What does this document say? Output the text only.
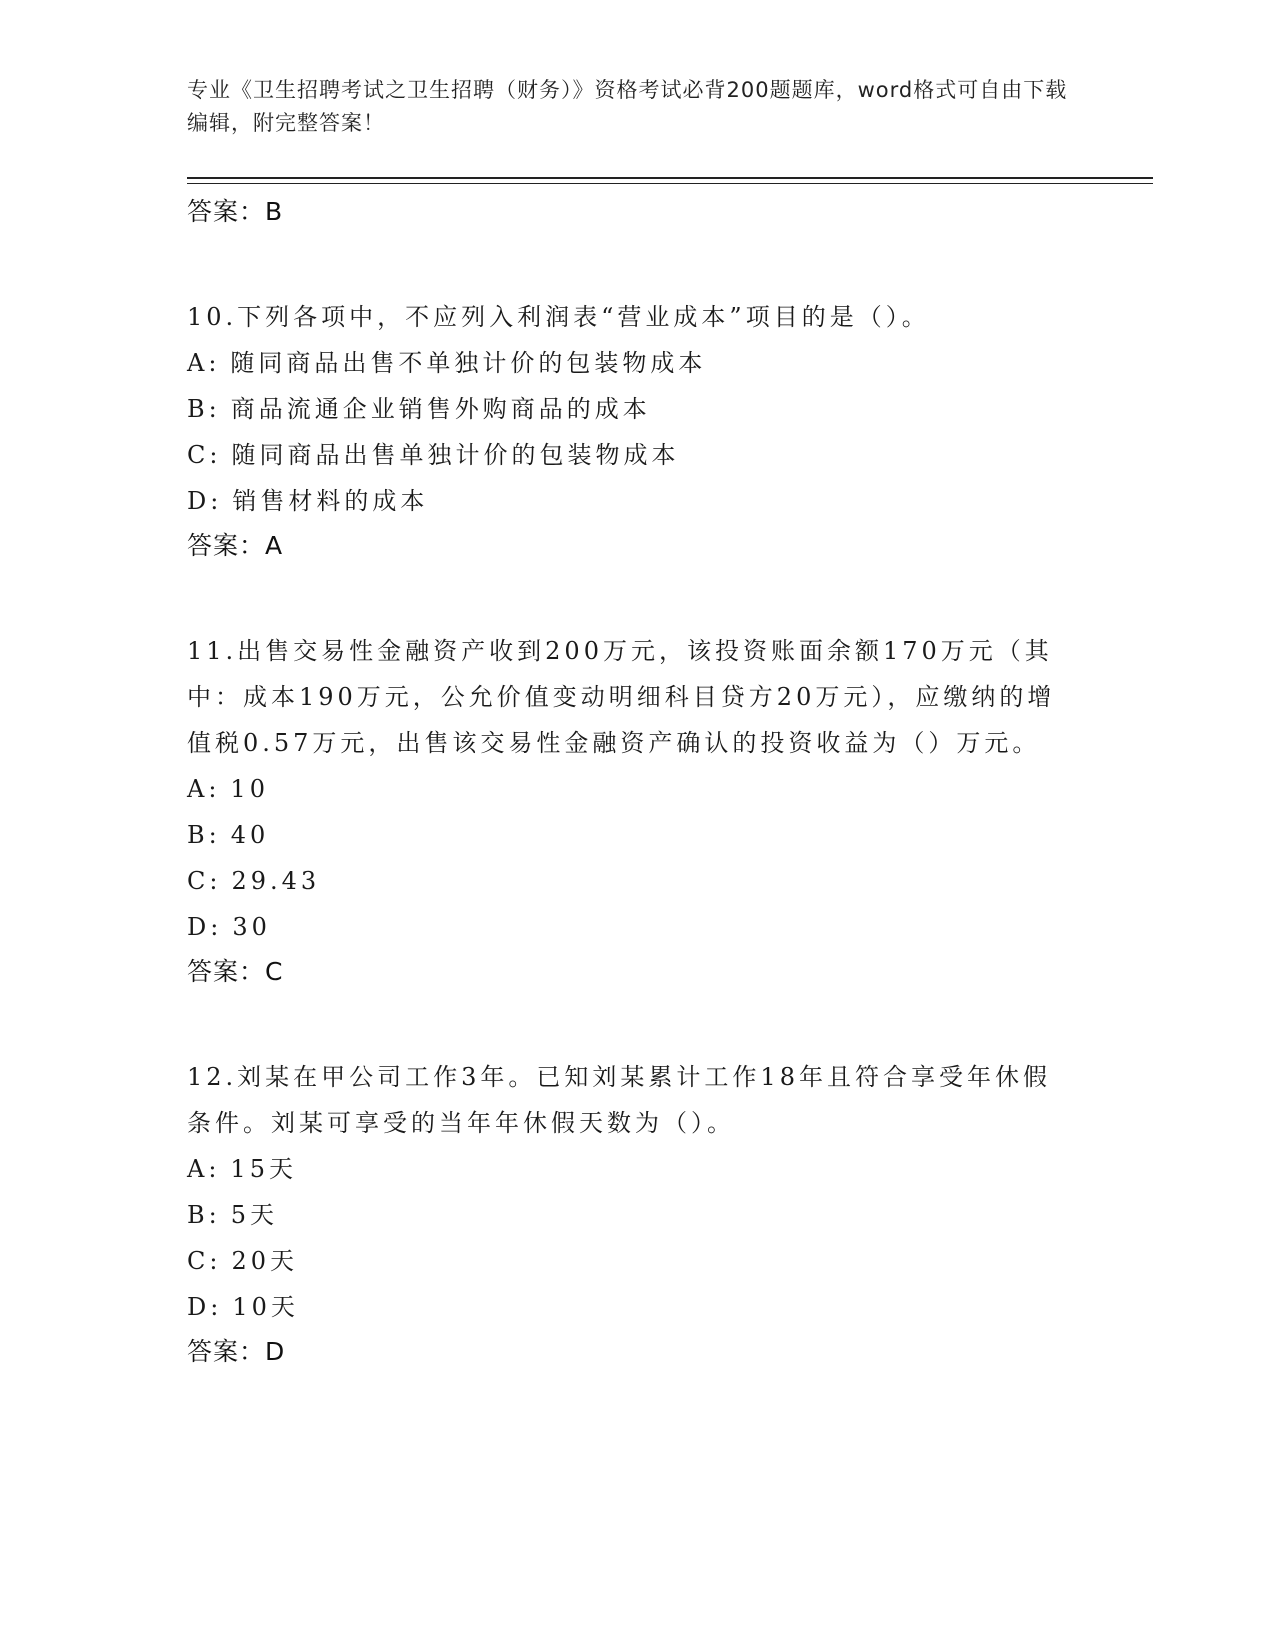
专业《卫生招聘考试之卫生招聘（财务）》资格考试必背200题题库，word格式可自由下载编辑，附完整答案！
答案：B

10.下列各项中，不应列入利润表“营业成本”项目的是（）。

A: 随同商品出售不单独计价的包装物成本
B: 商品流通企业销售外购商品的成本
C: 随同商品出售单独计价的包装物成本
D: 销售材料的成本
答案：A

11.出售交易性金融资产收到200万元，该投资账面余额170万元（其中：成本190万元，公允价值变动明细科目贷方20万元），应缴纳的增值税0.57万元，出售该交易性金融资产确认的投资收益为（）万元。

A: 10
B: 40
C: 29.43
D: 30
答案：C

12.刘某在甲公司工作3年。已知刘某累计工作18年且符合享受年休假条件。刘某可享受的当年年休假天数为（）。

A: 15天
B: 5天
C: 20天
D: 10天
答案：D
